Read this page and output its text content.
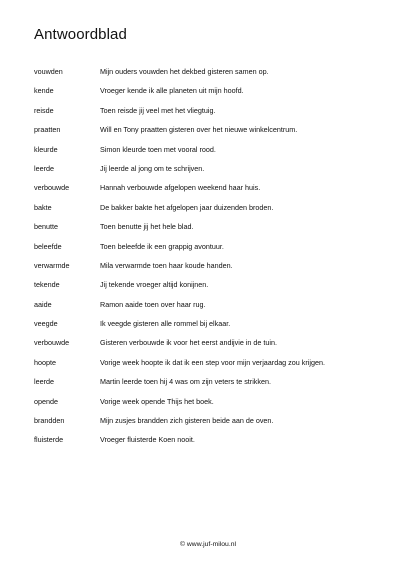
Antwoordblad
vouwden	Mijn ouders vouwden het dekbed gisteren samen op.
kende	Vroeger kende ik alle planeten uit mijn hoofd.
reisde	Toen reisde jij veel met het vliegtuig.
praatten	Will en Tony praatten gisteren over het nieuwe winkelcentrum.
kleurde	Simon kleurde toen met vooral rood.
leerde	Jij leerde al jong om te schrijven.
verbouwde	Hannah verbouwde afgelopen weekend haar huis.
bakte	De bakker bakte het afgelopen jaar duizenden broden.
benutte	Toen benutte jij het hele blad.
beleefde	Toen beleefde ik een grappig avontuur.
verwarmde	Mila verwarmde toen haar koude handen.
tekende	Jij tekende vroeger altijd konijnen.
aaide	Ramon aaide toen over haar rug.
veegde	Ik veegde gisteren alle rommel bij elkaar.
verbouwde	Gisteren verbouwde ik voor het eerst andijvie in de tuin.
hoopte	Vorige week hoopte ik dat ik een step voor mijn verjaardag zou krijgen.
leerde	Martin leerde toen hij 4 was om zijn veters te strikken.
opende	Vorige week opende Thijs het boek.
brandden	Mijn zusjes brandden zich gisteren beide aan de oven.
fluisterde	Vroeger fluisterde Koen nooit.
© www.juf-milou.nl
